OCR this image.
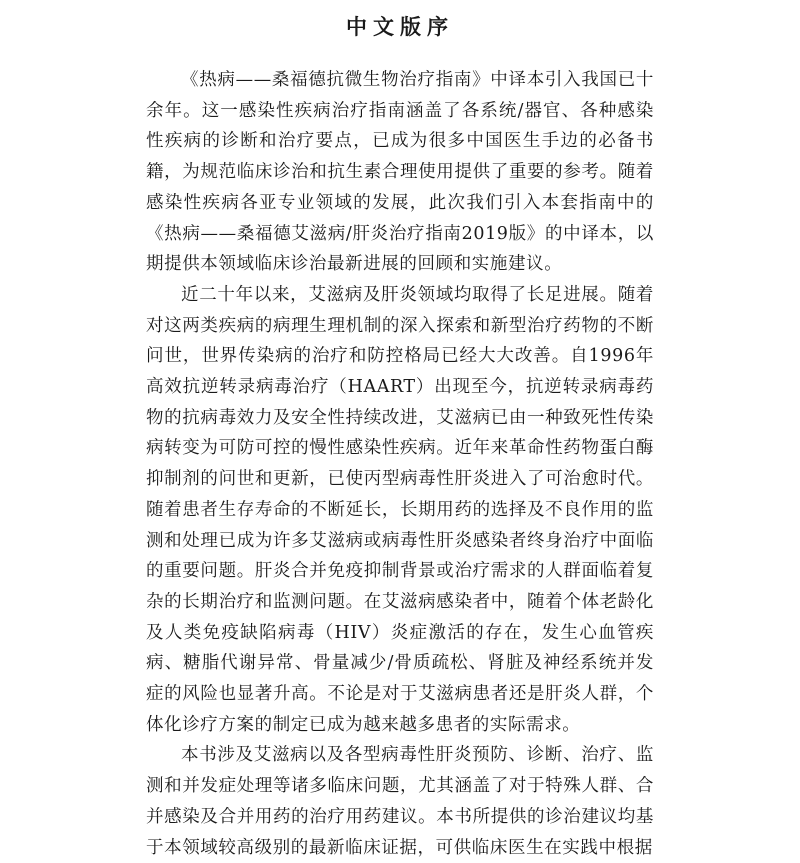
中文版序

《热病——桑福德抗微生物治疗指南》中译本引入我国已十余年。这一感染性疾病治疗指南涵盖了各系统/器官、各种感染性疾病的诊断和治疗要点，已成为很多中国医生手边的必备书籍，为规范临床诊治和抗生素合理使用提供了重要的参考。随着感染性疾病各亚专业领域的发展，此次我们引入本套指南中的《热病——桑福德艾滋病/肝炎治疗指南2019版》的中译本，以期提供本领域临床诊治最新进展的回顾和实施建议。

近二十年以来，艾滋病及肝炎领域均取得了长足进展。随着对这两类疾病的病理生理机制的深入探索和新型治疗药物的不断问世，世界传染病的治疗和防控格局已经大大改善。自1996年高效抗逆转录病毒治疗（HAART）出现至今，抗逆转录病毒药物的抗病毒效力及安全性持续改进，艾滋病已由一种致死性传染病转变为可防可控的慢性感染性疾病。近年来革命性药物蛋白酶抑制剂的问世和更新，已使丙型病毒性肝炎进入了可治愈时代。随着患者生存寿命的不断延长，长期用药的选择及不良作用的监测和处理已成为许多艾滋病或病毒性肝炎感染者终身治疗中面临的重要问题。肝炎合并免疫抑制背景或治疗需求的人群面临着复杂的长期治疗和监测问题。在艾滋病感染者中，随着个体老龄化及人类免疫缺陷病毒（HIV）炎症激活的存在，发生心血管疾病、糖脂代谢异常、骨量减少/骨质疏松、肾脏及神经系统并发症的风险也显著升高。不论是对于艾滋病患者还是肝炎人群，个体化诊疗方案的制定已成为越来越多患者的实际需求。

本书涉及艾滋病以及各型病毒性肝炎预防、诊断、治疗、监测和并发症处理等诸多临床问题，尤其涵盖了对于特殊人群、合并感染及合并用药的治疗用药建议。本书所提供的诊治建议均基于本领域较高级别的最新临床证据，可供临床医生在实践中根据
